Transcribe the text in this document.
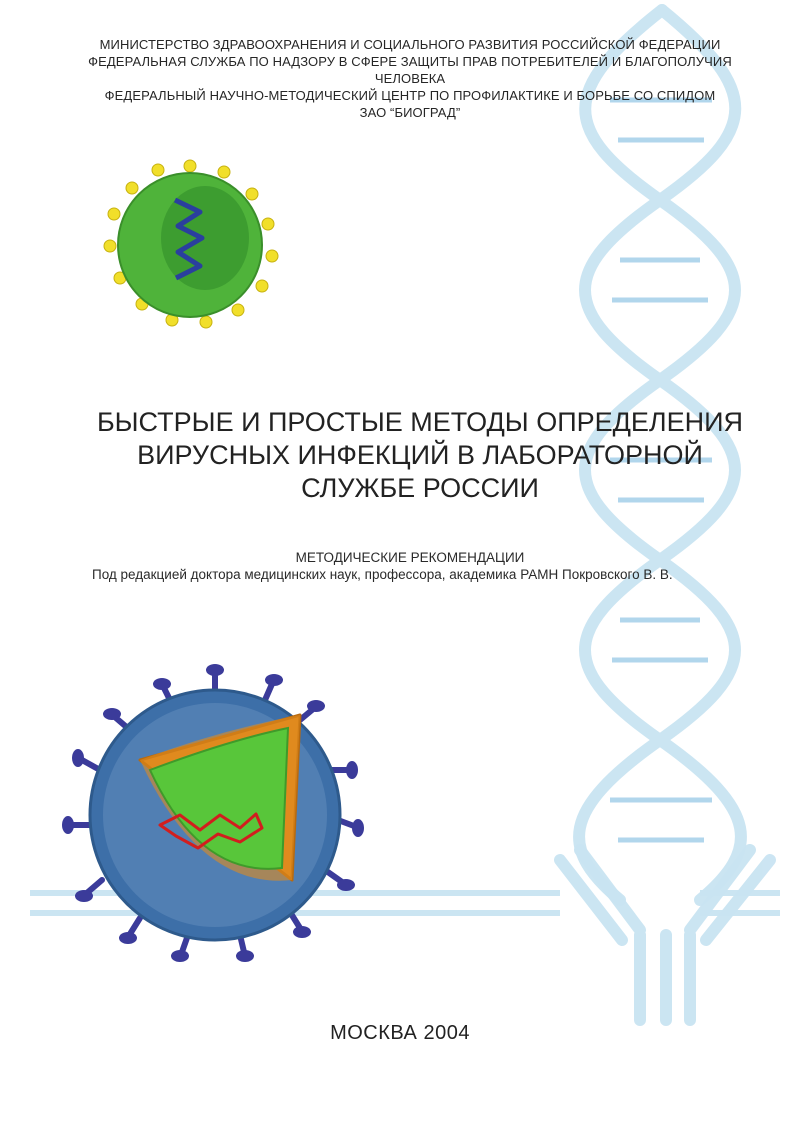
МИНИСТЕРСТВО ЗДРАВООХРАНЕНИЯ И СОЦИАЛЬНОГО РАЗВИТИЯ РОССИЙСКОЙ ФЕДЕРАЦИИ
ФЕДЕРАЛЬНАЯ СЛУЖБА ПО НАДЗОРУ В СФЕРЕ ЗАЩИТЫ ПРАВ ПОТРЕБИТЕЛЕЙ И БЛАГОПОЛУЧИЯ
ЧЕЛОВЕКА
ФЕДЕРАЛЬНЫЙ НАУЧНО-МЕТОДИЧЕСКИЙ ЦЕНТР ПО ПРОФИЛАКТИКЕ И БОРЬБЕ СО СПИДОМ
ЗАО “БИОГРАД”
БЫСТРЫЕ И ПРОСТЫЕ МЕТОДЫ ОПРЕДЕЛЕНИЯ
ВИРУСНЫХ ИНФЕКЦИЙ В ЛАБОРАТОРНОЙ
СЛУЖБЕ РОССИИ
МЕТОДИЧЕСКИЕ РЕКОМЕНДАЦИИ
Под редакцией доктора медицинских наук, профессора, академика РАМН Покровского В. В.
МОСКВА 2004
